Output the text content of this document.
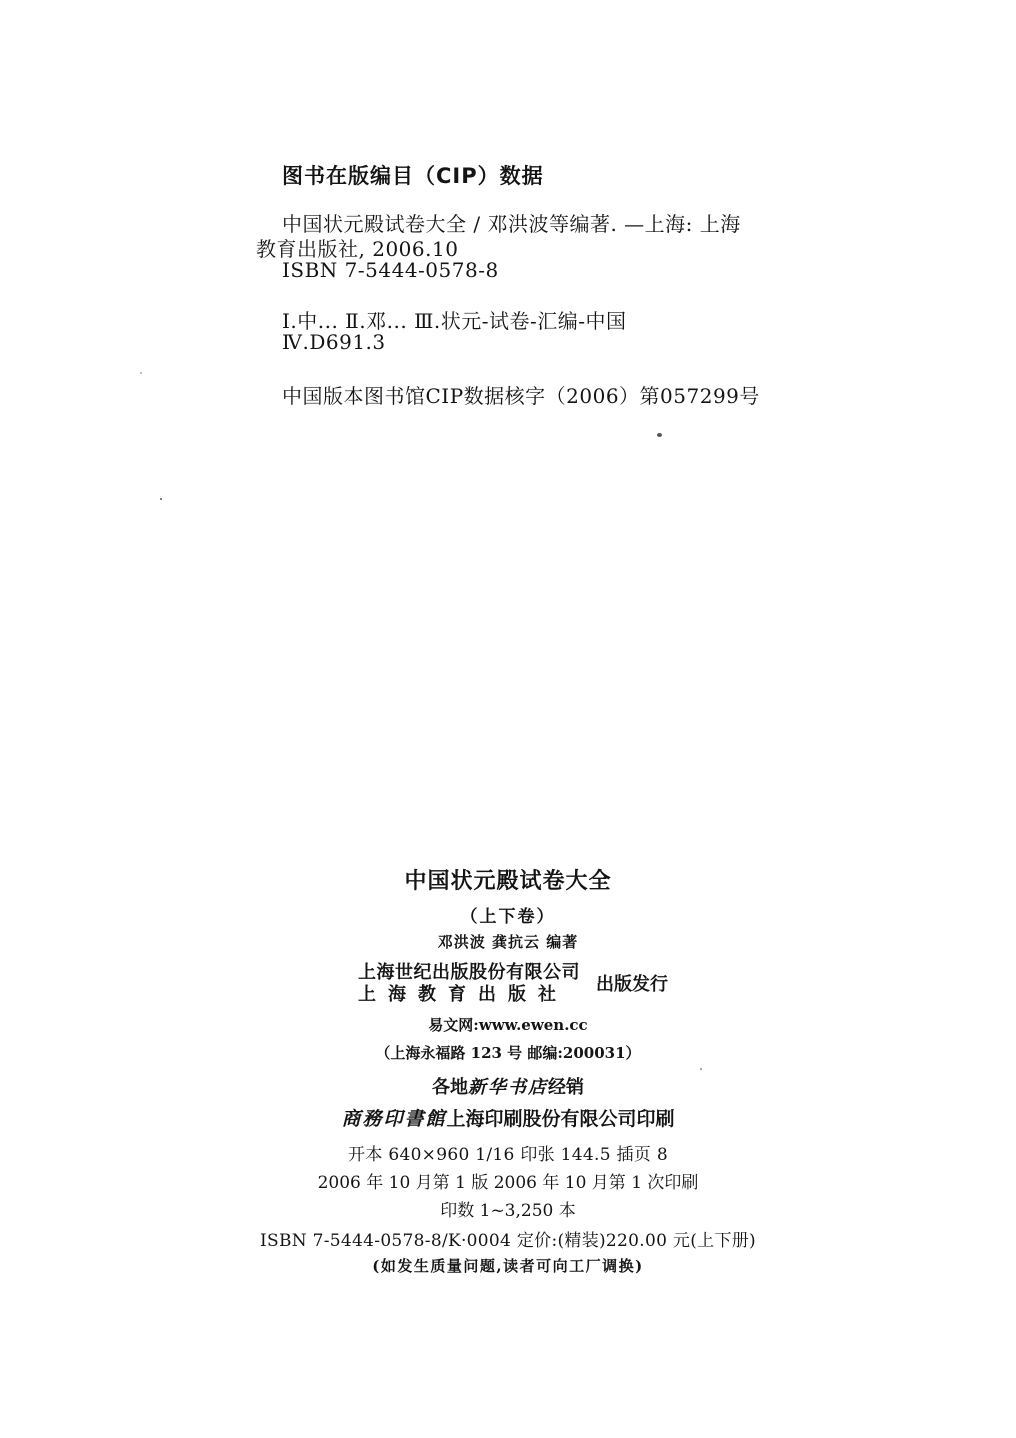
图书在版编目（CIP）数据
中国状元殿试卷大全 / 邓洪波等编著. —上海: 上海
教育出版社, 2006.10
ISBN 7-5444-0578-8
Ⅰ.中... Ⅱ.邓... Ⅲ.状元-试卷-汇编-中国
Ⅳ.D691.3
中国版本图书馆CIP数据核字（2006）第057299号
中国状元殿试卷大全
（上下卷）
邓洪波 龚抗云 编著
上海世纪出版股份有限公司
上海教育出版社 出版发行
易文网:www.ewen.cc
（上海永福路 123 号 邮编:200031）
各地新华书店经销
商務印書館上海印刷股份有限公司印刷
开本 640×960 1/16 印张 144.5 插页 8
2006 年 10 月第 1 版 2006 年 10 月第 1 次印刷
印数 1~3,250 本
ISBN 7-5444-0578-8/K·0004 定价:(精装)220.00 元(上下册)
(如发生质量问题,读者可向工厂调换)
